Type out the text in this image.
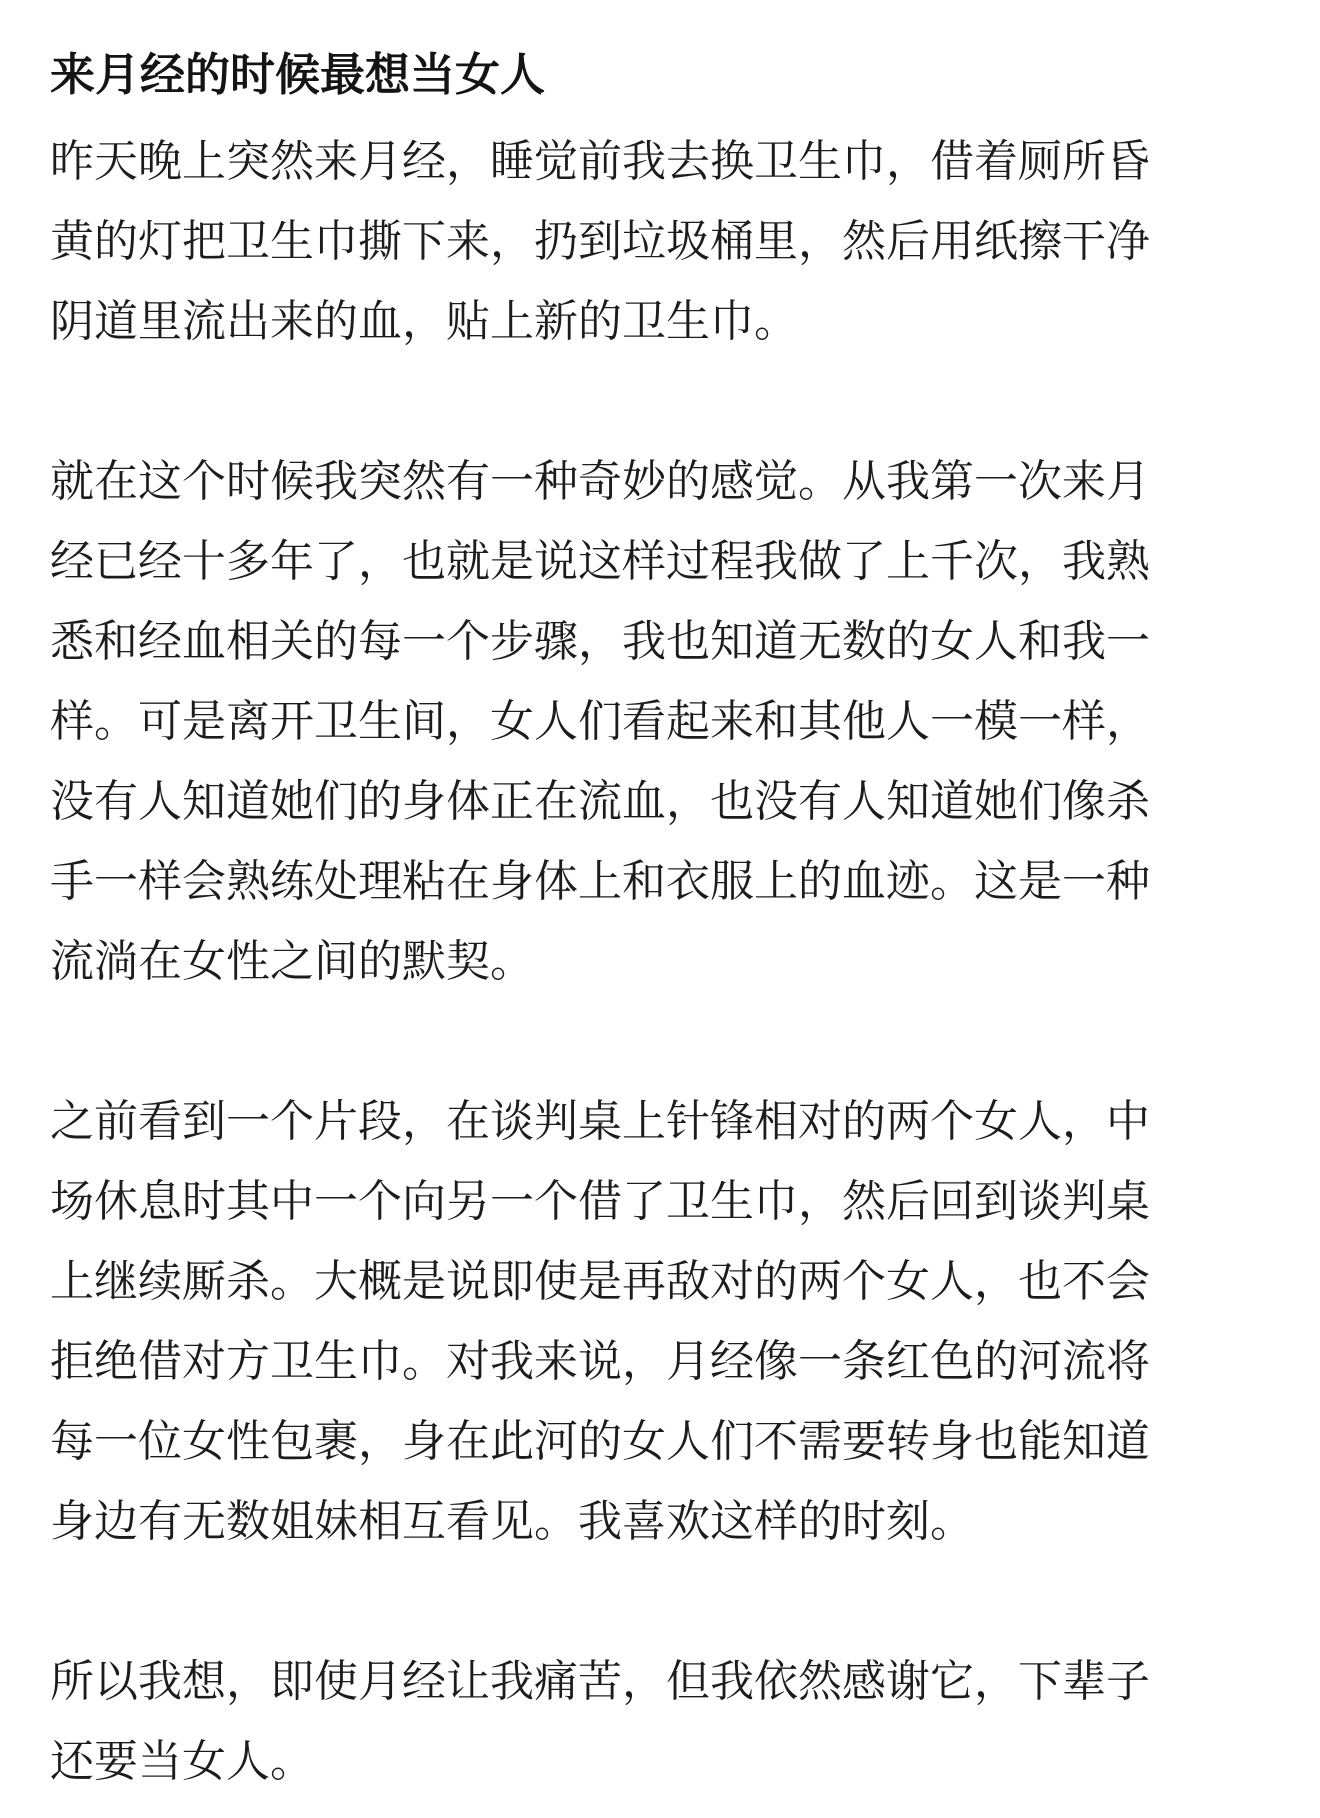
来月经的时候最想当女人
昨天晚上突然来月经，睡觉前我去换卫生巾，借着厕所昏
黄的灯把卫生巾撕下来，扔到垃圾桶里，然后用纸擦干净
阴道里流出来的血，贴上新的卫生巾。
就在这个时候我突然有一种奇妙的感觉。从我第一次来月
经已经十多年了，也就是说这样过程我做了上千次，我熟
悉和经血相关的每一个步骤，我也知道无数的女人和我一
样。可是离开卫生间，女人们看起来和其他人一模一样，
没有人知道她们的身体正在流血，也没有人知道她们像杀
手一样会熟练处理粘在身体上和衣服上的血迹。这是一种
流淌在女性之间的默契。
之前看到一个片段，在谈判桌上针锋相对的两个女人，中
场休息时其中一个向另一个借了卫生巾，然后回到谈判桌
上继续厮杀。大概是说即使是再敌对的两个女人，也不会
拒绝借对方卫生巾。对我来说，月经像一条红色的河流将
每一位女性包裹，身在此河的女人们不需要转身也能知道
身边有无数姐妹相互看见。我喜欢这样的时刻。
所以我想，即使月经让我痛苦，但我依然感谢它，下辈子
还要当女人。
